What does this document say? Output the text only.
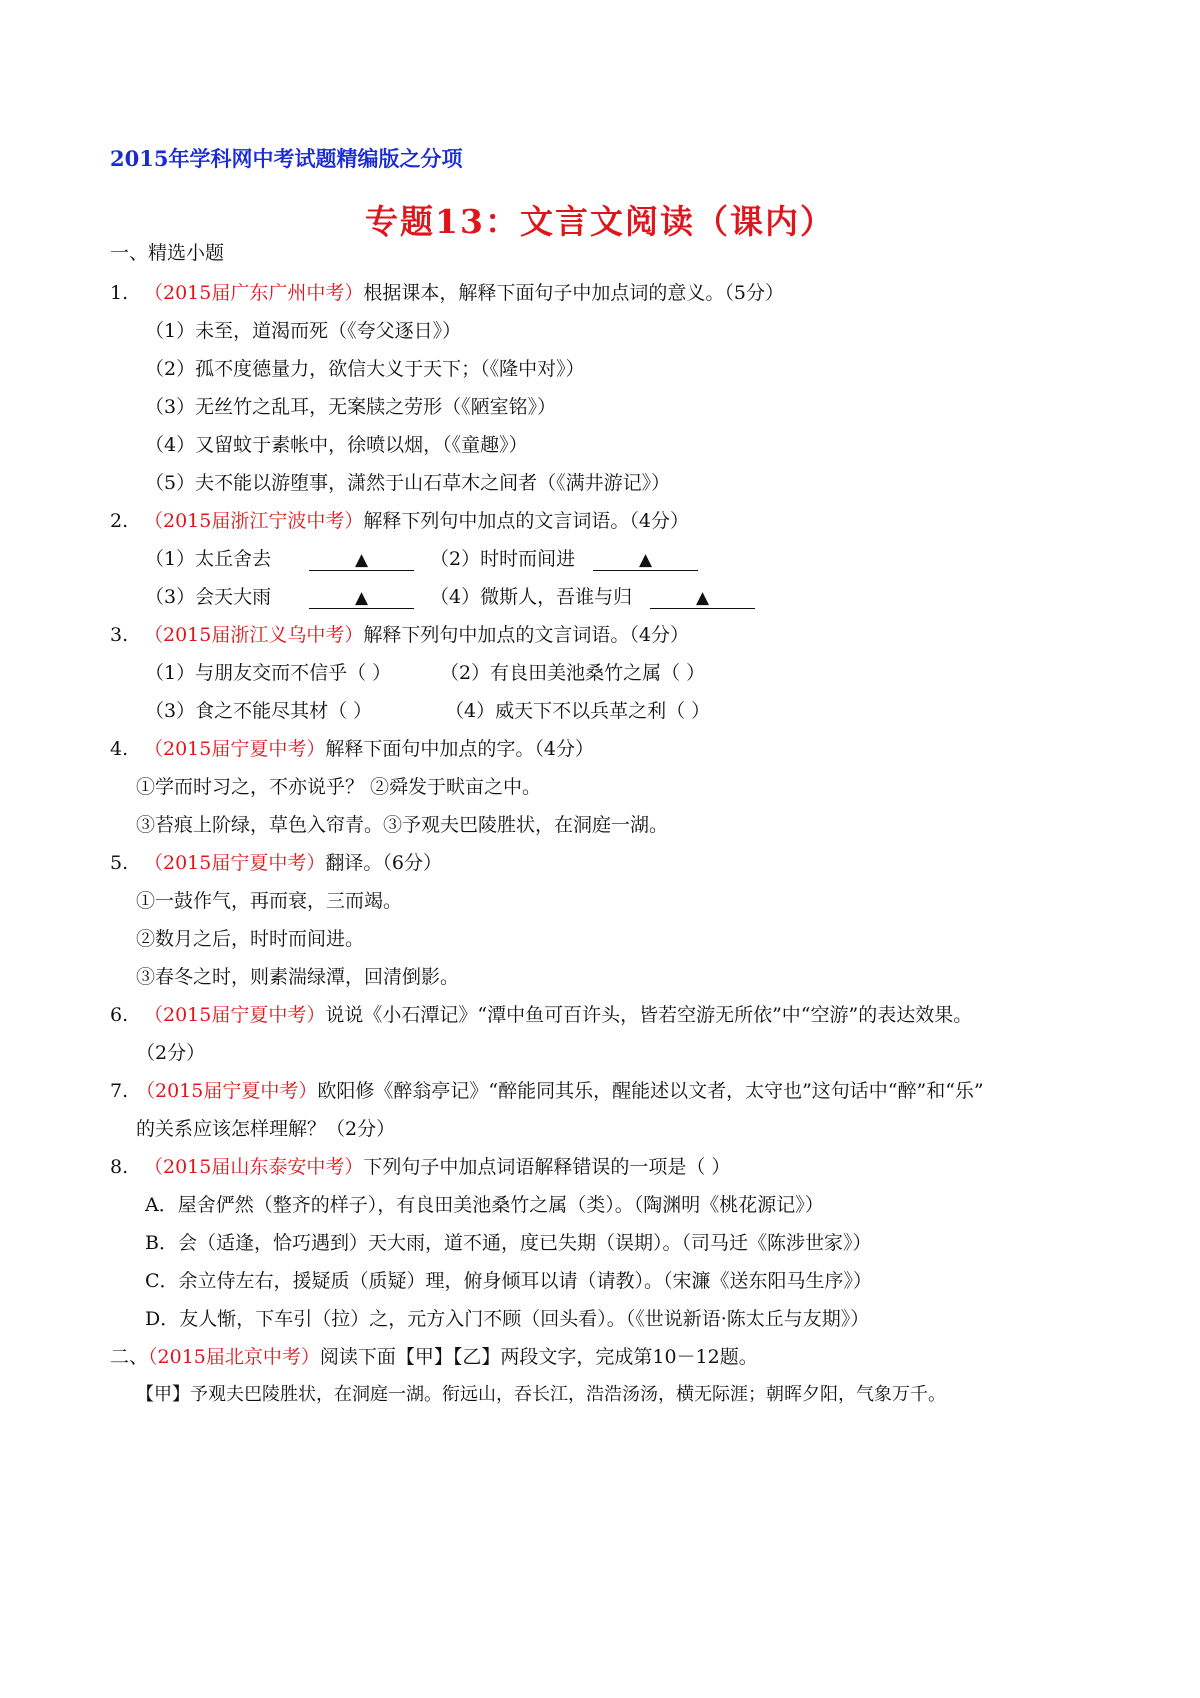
2015年学科网中考试题精编版之分项
专题13：文言文阅读（课内）
一、精选小题
1. （2015届广东广州中考）根据课本，解释下面句子中加点词的意义。（5分）
（1）未至，道渴而死（《夸父逐日》）
（2）孤不度德量力，欲信大义于天下；（《隆中对》）
（3）无丝竹之乱耳，无案牍之劳形（《陋室铭》）
（4）又留蚊于素帐中，徐喷以烟，（《童趣》）
（5）夫不能以游堕事，潇然于山石草木之间者（《满井游记》）
2. （2015届浙江宁波中考）解释下列句中加点的文言词语。（4分）
（1）太丘舍去	▲	（2）时时而间进	▲
（3）会天大雨	▲	（4）微斯人，吾谁与归	▲
3. （2015届浙江义乌中考）解释下列句中加点的文言词语。（4分）
（1）与朋友交而不信乎（ ）	（2）有良田美池桑竹之属（ ）
（3）食之不能尽其材（ ）	（4）威天下不以兵革之利（ ）
4. （2015届宁夏中考）解释下面句中加点的字。（4分）
①学而时习之，不亦说乎？ ②舜发于畎亩之中。
③苔痕上阶绿，草色入帘青。③予观夫巴陵胜状，在洞庭一湖。
5. （2015届宁夏中考）翻译。（6分）
①一鼓作气，再而衰，三而竭。
②数月之后，时时而间进。
③春冬之时，则素湍绿潭，回清倒影。
6. （2015届宁夏中考）说说《小石潭记》“潭中鱼可百许头，皆若空游无所依”中“空游”的表达效果。
（2分）
7. （2015届宁夏中考）欧阳修《醉翁亭记》“醉能同其乐，醒能述以文者，太守也”这句话中“醉”和“乐”
的关系应该怎样理解？（2分）
8. （2015届山东泰安中考）下列句子中加点词语解释错误的一项是（ ）
A．屋舍俨然（整齐的样子），有良田美池桑竹之属（类）。（陶渊明《桃花源记》）
B．会（适逢，恰巧遇到）天大雨，道不通，度已失期（误期）。（司马迁《陈涉世家》）
C．余立侍左右，援疑质（质疑）理，俯身倾耳以请（请教）。（宋濂《送东阳马生序》）
D．友人惭，下车引（拉）之，元方入门不顾（回头看）。（《世说新语·陈太丘与友期》）
二、（2015届北京中考）阅读下面【甲】【乙】两段文字，完成第10－12题。
【甲】予观夫巴陵胜状，在洞庭一湖。衔远山，吞长江，浩浩汤汤，横无际涯；朝晖夕阳，气象万千。
